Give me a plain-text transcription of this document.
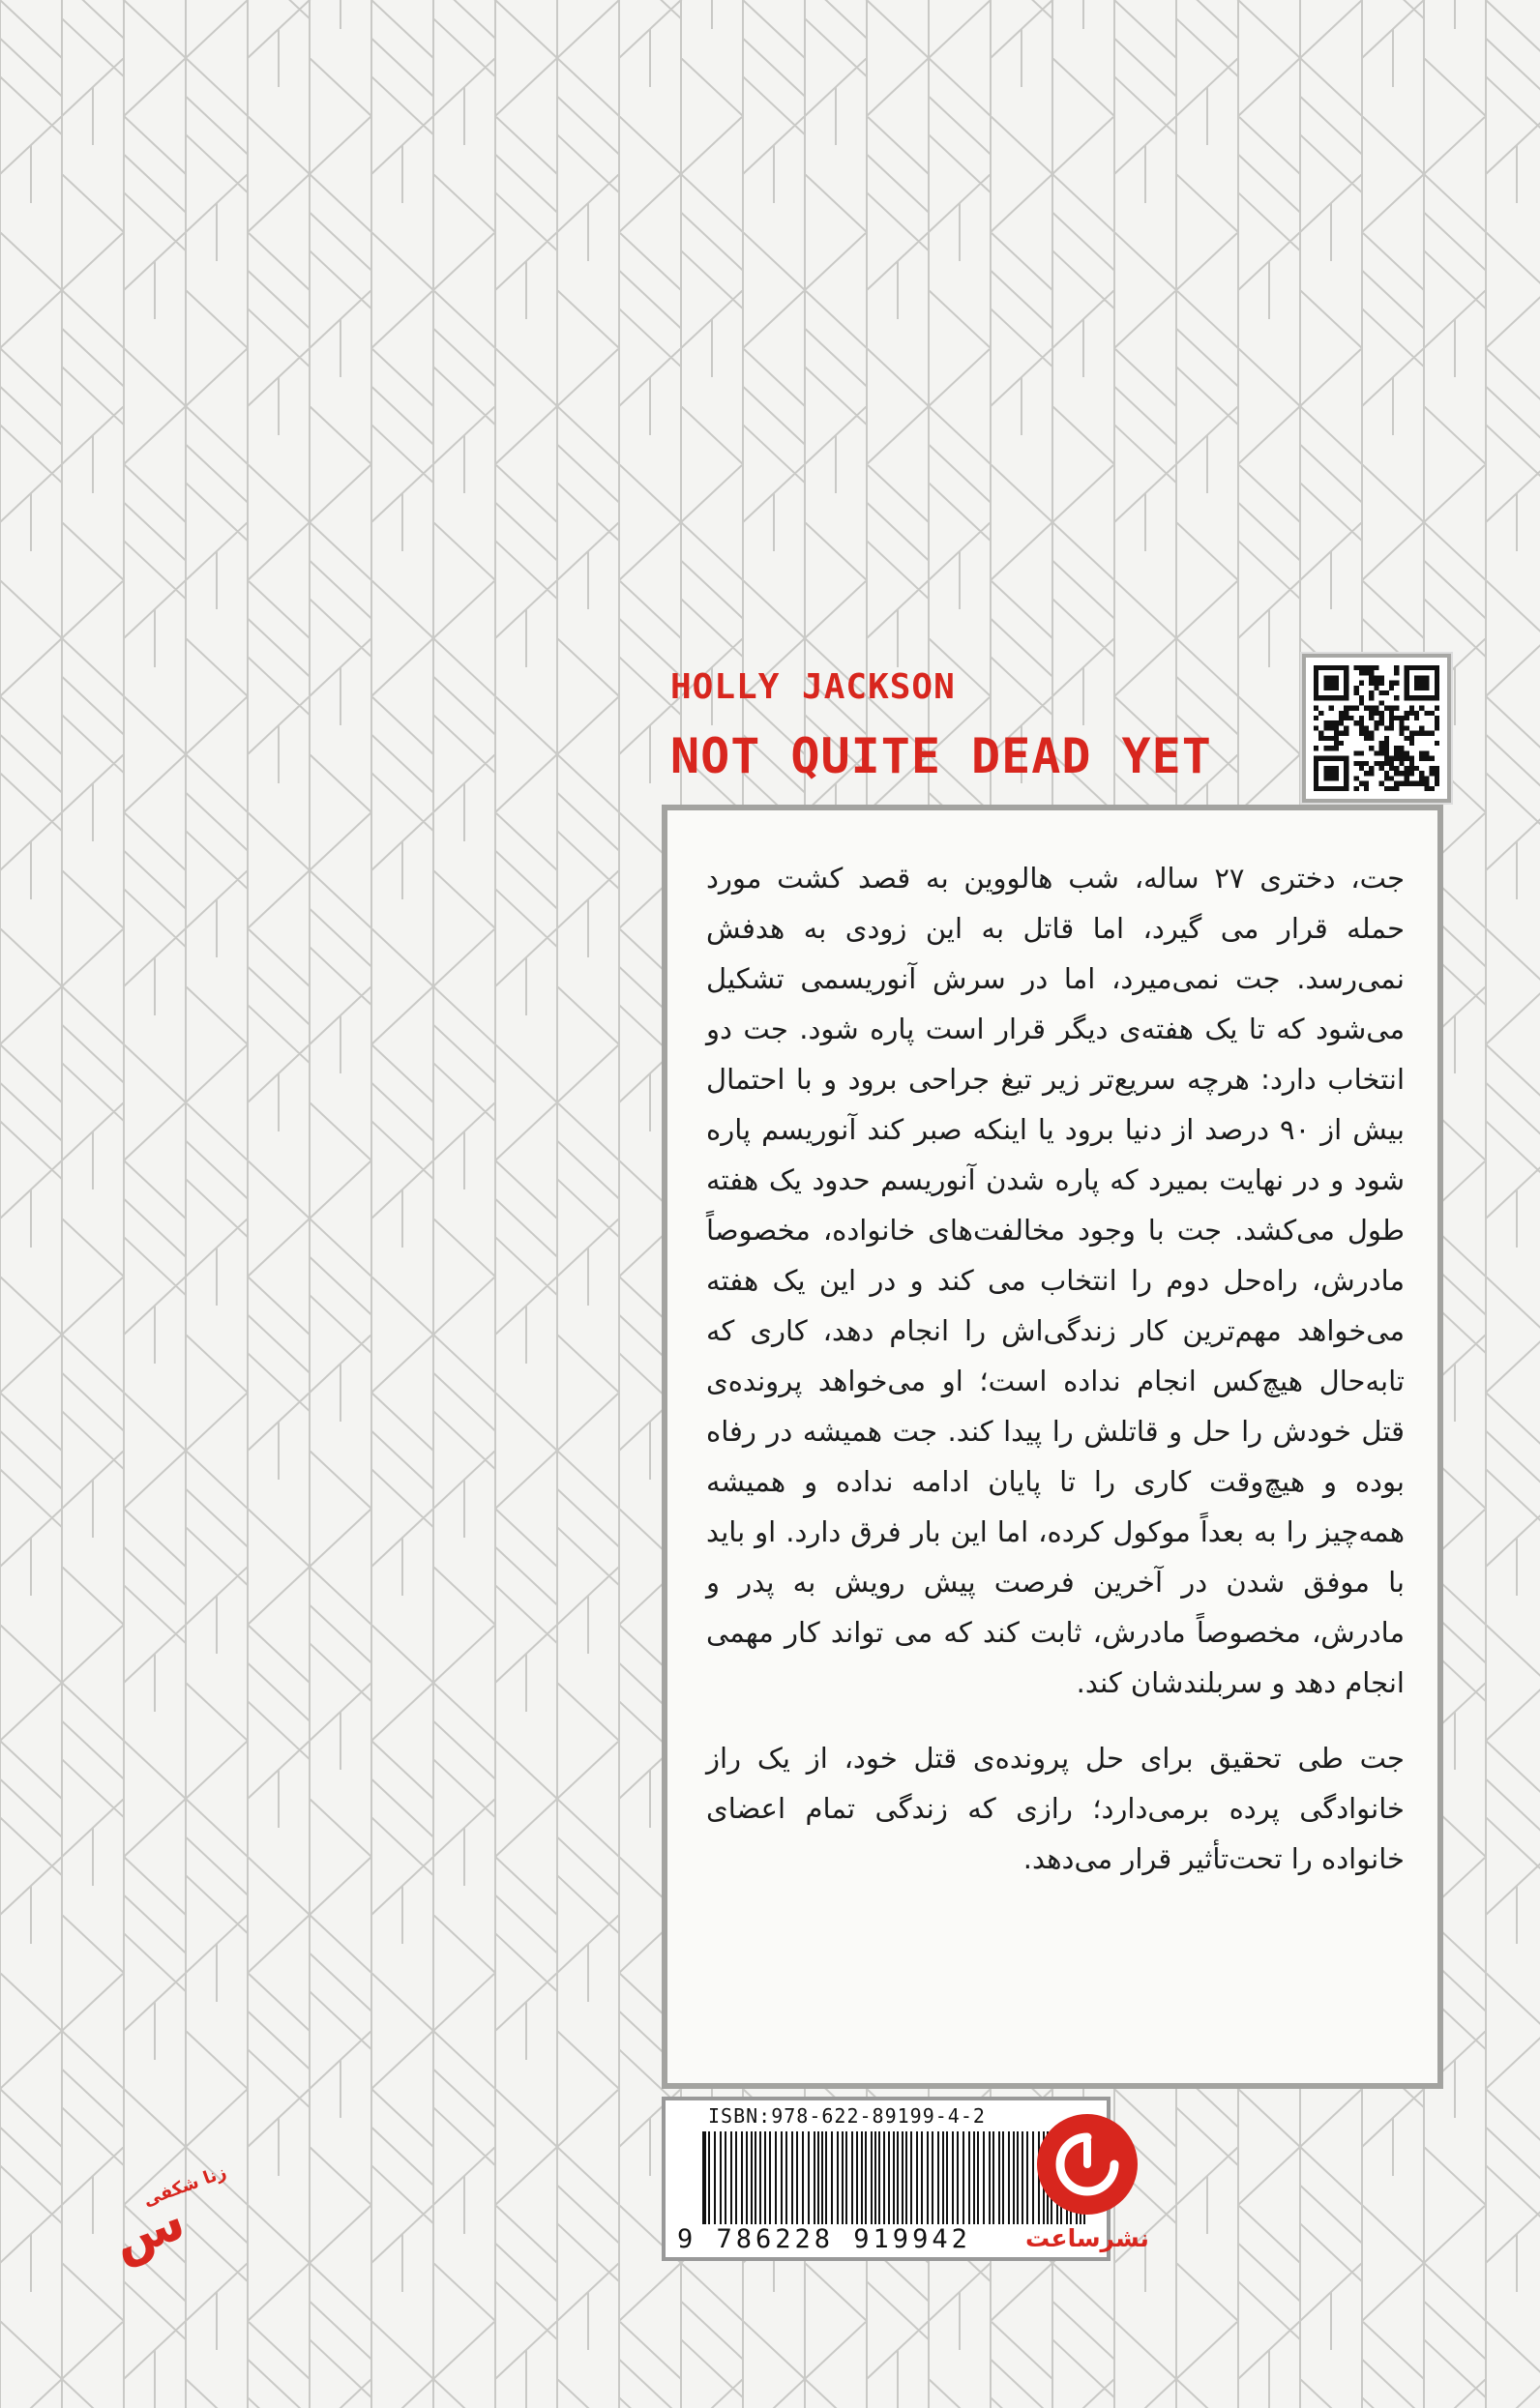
HOLLY JACKSON
NOT QUITE DEAD YET

جت، دختری ۲۷ ساله، شب هالووین به قصد کشت مورد حمله قرار می گیرد، اما قاتل به این زودی به هدفش نمی‌رسد. جت نمی‌میرد، اما در سرش آنوریسمی تشکیل می‌شود که تا یک هفته‌ی دیگر قرار است پاره شود. جت دو انتخاب دارد: هرچه سریع‌تر زیر تیغ جراحی برود و با احتمال بیش از ۹۰ درصد از دنیا برود یا اینکه صبر کند آنوریسم پاره شود و در نهایت بمیرد که پاره شدن آنوریسم حدود یک هفته طول می‌کشد. جت با وجود مخالفت‌های خانواده، مخصوصاً مادرش، راه‌حل دوم را انتخاب می کند و در این یک هفته می‌خواهد مهم‌ترین کار زندگی‌اش را انجام دهد، کاری که تابه‌حال هیچ‌کس انجام نداده است؛ او می‌خواهد پرونده‌ی قتل خودش را حل و قاتلش را پیدا کند. جت همیشه در رفاه بوده و هیچ‌وقت کاری را تا پایان ادامه نداده و همیشه همه‌چیز را به بعداً موکول کرده، اما این بار فرق دارد. او باید با موفق شدن در آخرین فرصت پیش رویش به پدر و مادرش، مخصوصاً مادرش، ثابت کند که می تواند کار مهمی انجام دهد و سربلندشان کند.

جت طی تحقیق برای حل پرونده‌ی قتل خود، از یک راز خانوادگی پرده برمی‌دارد؛ رازی که زندگی تمام اعضای خانواده را تحت‌تأثیر قرار می‌دهد.

ISBN:978-622-89199-4-2
9 786228 919942 نشرساعت
زنا شکفی
س
